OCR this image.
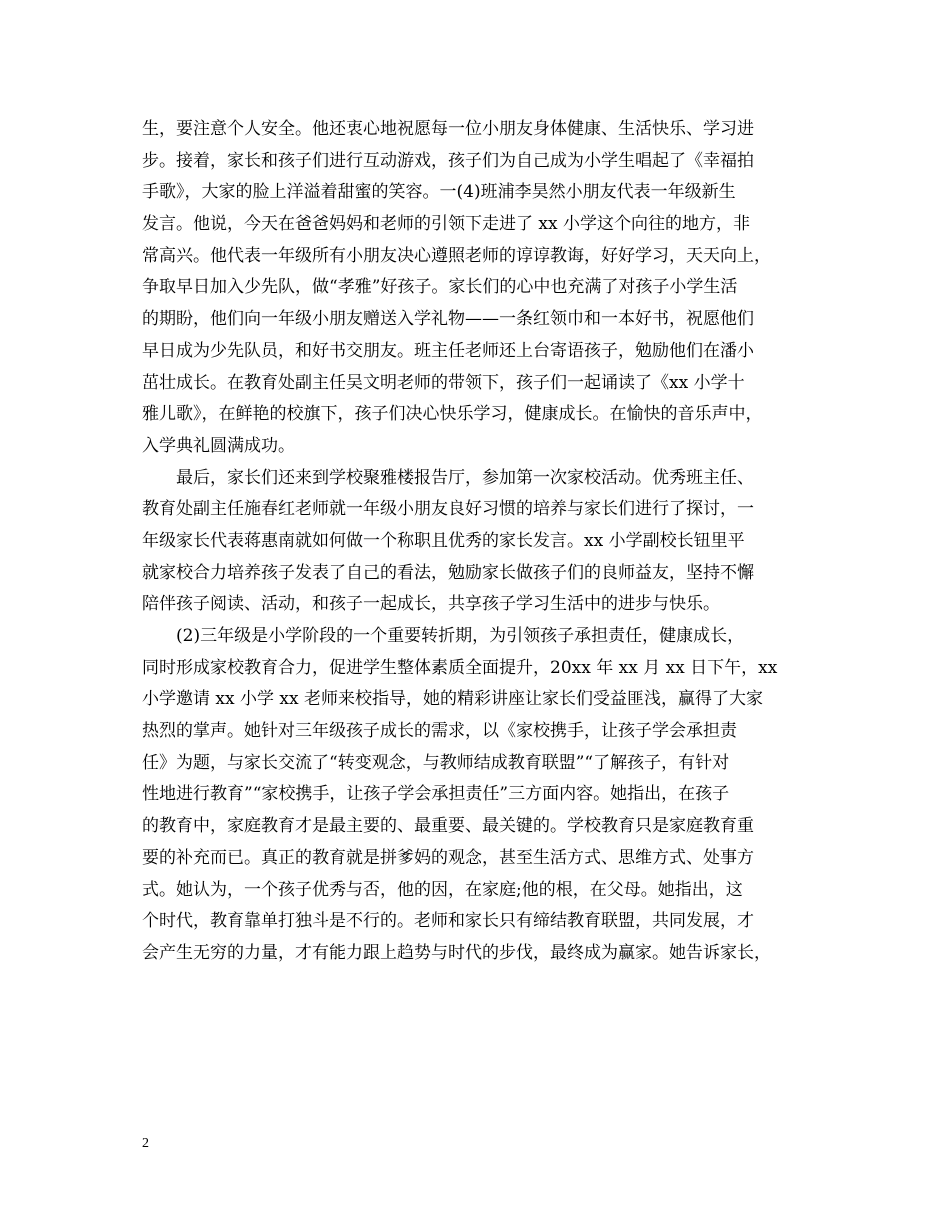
生，要注意个人安全。他还衷心地祝愿每一位小朋友身体健康、生活快乐、学习进
步。接着，家长和孩子们进行互动游戏，孩子们为自己成为小学生唱起了《幸福拍
手歌》，大家的脸上洋溢着甜蜜的笑容。一(4)班浦李昊然小朋友代表一年级新生
发言。他说，今天在爸爸妈妈和老师的引领下走进了 xx 小学这个向往的地方，非
常高兴。他代表一年级所有小朋友决心遵照老师的谆谆教诲，好好学习，天天向上，
争取早日加入少先队，做“孝雅”好孩子。家长们的心中也充满了对孩子小学生活
的期盼，他们向一年级小朋友赠送入学礼物——一条红领巾和一本好书，祝愿他们
早日成为少先队员，和好书交朋友。班主任老师还上台寄语孩子，勉励他们在潘小
茁壮成长。在教育处副主任吴文明老师的带领下，孩子们一起诵读了《xx 小学十
雅儿歌》，在鲜艳的校旗下，孩子们决心快乐学习，健康成长。在愉快的音乐声中，
入学典礼圆满成功。
　　最后，家长们还来到学校聚雅楼报告厅，参加第一次家校活动。优秀班主任、
教育处副主任施春红老师就一年级小朋友良好习惯的培养与家长们进行了探讨，一
年级家长代表蒋惠南就如何做一个称职且优秀的家长发言。xx 小学副校长钮里平
就家校合力培养孩子发表了自己的看法，勉励家长做孩子们的良师益友，坚持不懈
陪伴孩子阅读、活动，和孩子一起成长，共享孩子学习生活中的进步与快乐。
　　(2)三年级是小学阶段的一个重要转折期，为引领孩子承担责任，健康成长，
同时形成家校教育合力，促进学生整体素质全面提升，20xx 年 xx 月 xx 日下午，xx
小学邀请 xx 小学 xx 老师来校指导，她的精彩讲座让家长们受益匪浅，赢得了大家
热烈的掌声。她针对三年级孩子成长的需求，以《家校携手，让孩子学会承担责
任》为题，与家长交流了“转变观念，与教师结成教育联盟”“了解孩子，有针对
性地进行教育”“家校携手，让孩子学会承担责任”三方面内容。她指出，在孩子
的教育中，家庭教育才是最主要的、最重要、最关键的。学校教育只是家庭教育重
要的补充而已。真正的教育就是拼爹妈的观念，甚至生活方式、思维方式、处事方
式。她认为，一个孩子优秀与否，他的因，在家庭;他的根，在父母。她指出，这
个时代，教育靠单打独斗是不行的。老师和家长只有缔结教育联盟，共同发展，才
会产生无穷的力量，才有能力跟上趋势与时代的步伐，最终成为赢家。她告诉家长，
2
